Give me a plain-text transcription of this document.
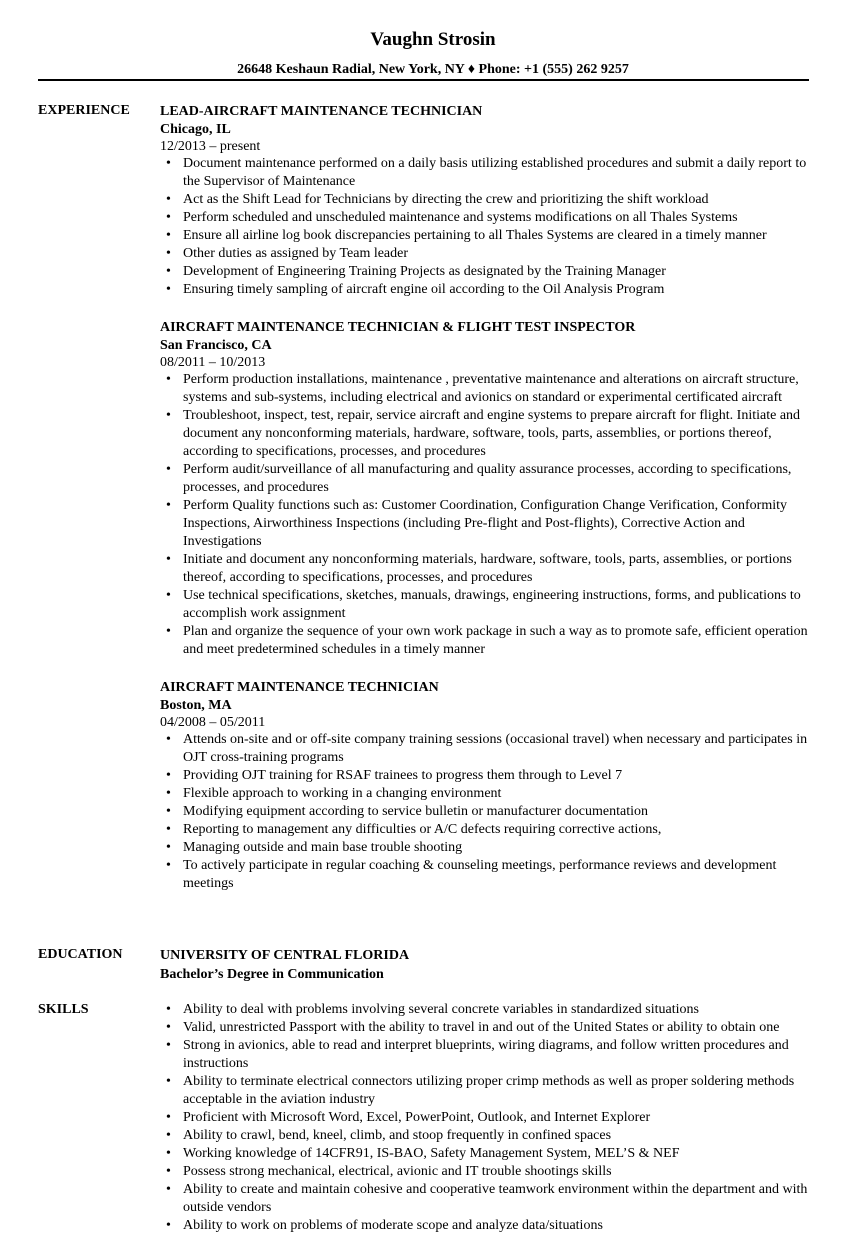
Vaughn Strosin
26648 Keshaun Radial, New York, NY ♦ Phone: +1 (555) 262 9257
EXPERIENCE LEAD-AIRCRAFT MAINTENANCE TECHNICIAN
Chicago, IL
12/2013 – present
• Document maintenance performed on a daily basis utilizing established procedures and submit a daily report to the Supervisor of Maintenance
• Act as the Shift Lead for Technicians by directing the crew and prioritizing the shift workload
• Perform scheduled and unscheduled maintenance and systems modifications on all Thales Systems
• Ensure all airline log book discrepancies pertaining to all Thales Systems are cleared in a timely manner
• Other duties as assigned by Team leader
• Development of Engineering Training Projects as designated by the Training Manager
• Ensuring timely sampling of aircraft engine oil according to the Oil Analysis Program
AIRCRAFT MAINTENANCE TECHNICIAN & FLIGHT TEST INSPECTOR
San Francisco, CA
08/2011 – 10/2013
• Perform production installations, maintenance , preventative maintenance and alterations on aircraft structure, systems and sub-systems, including electrical and avionics on standard or experimental certificated aircraft
• Troubleshoot, inspect, test, repair, service aircraft and engine systems to prepare aircraft for flight. Initiate and document any nonconforming materials, hardware, software, tools, parts, assemblies, or portions thereof, according to specifications, processes, and procedures
• Perform audit/surveillance of all manufacturing and quality assurance processes, according to specifications, processes, and procedures
• Perform Quality functions such as: Customer Coordination, Configuration Change Verification, Conformity Inspections, Airworthiness Inspections (including Pre-flight and Post-flights), Corrective Action and Investigations
• Initiate and document any nonconforming materials, hardware, software, tools, parts, assemblies, or portions thereof, according to specifications, processes, and procedures
• Use technical specifications, sketches, manuals, drawings, engineering instructions, forms, and publications to accomplish work assignment
• Plan and organize the sequence of your own work package in such a way as to promote safe, efficient operation and meet predetermined schedules in a timely manner
AIRCRAFT MAINTENANCE TECHNICIAN
Boston, MA
04/2008 – 05/2011
• Attends on-site and or off-site company training sessions (occasional travel) when necessary and participates in OJT cross-training programs
• Providing OJT training for RSAF trainees to progress them through to Level 7
• Flexible approach to working in a changing environment
• Modifying equipment according to service bulletin or manufacturer documentation
• Reporting to management any difficulties or A/C defects requiring corrective actions,
• Managing outside and main base trouble shooting
• To actively participate in regular coaching & counseling meetings, performance reviews and development meetings
EDUCATION	UNIVERSITY OF CENTRAL FLORIDA
Bachelor’s Degree in Communication
SKILLS
•	Ability to deal with problems involving several concrete variables in standardized situations
• Valid, unrestricted Passport with the ability to travel in and out of the United States or ability to obtain one
• Strong in avionics, able to read and interpret blueprints, wiring diagrams, and follow written procedures and instructions
• Ability to terminate electrical connectors utilizing proper crimp methods as well as proper soldering methods acceptable in the aviation industry
• Proficient with Microsoft Word, Excel, PowerPoint, Outlook, and Internet Explorer
• Ability to crawl, bend, kneel, climb, and stoop frequently in confined spaces
• Working knowledge of 14CFR91, IS-BAO, Safety Management System, MEL’S & NEF
• Possess strong mechanical, electrical, avionic and IT trouble shootings skills
• Ability to create and maintain cohesive and cooperative teamwork environment within the department and with outside vendors
• Ability to work on problems of moderate scope and analyze data/situations
